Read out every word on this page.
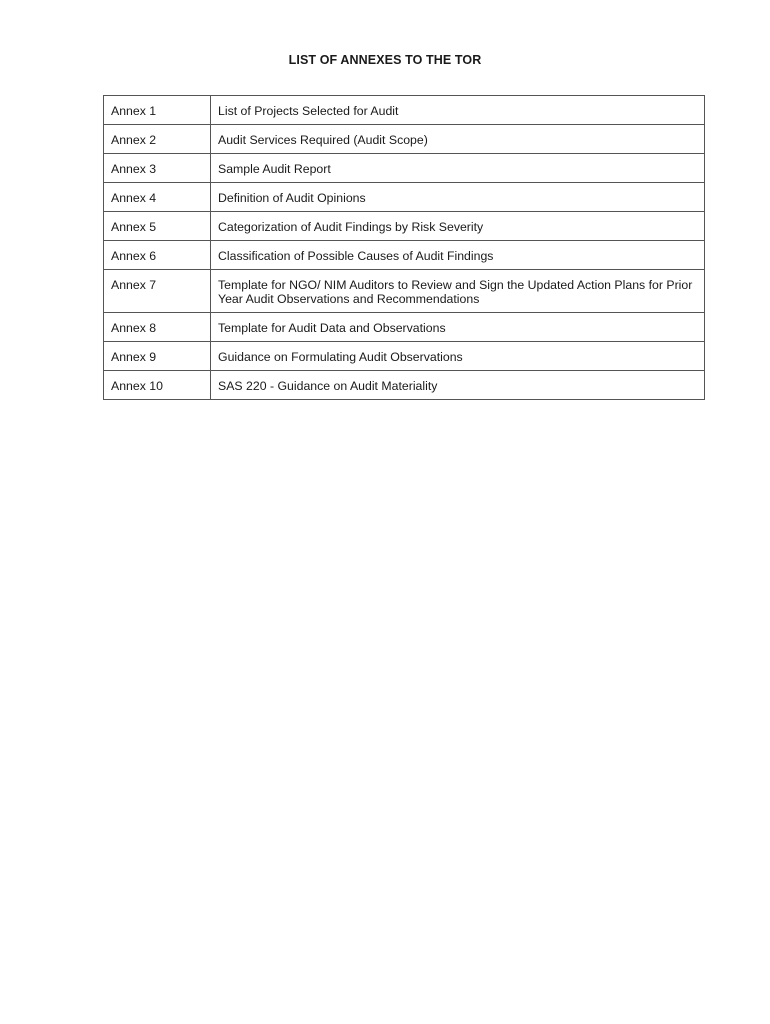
LIST OF ANNEXES TO THE TOR
Annex 1	List of Projects Selected for Audit
Annex 2	Audit Services Required (Audit Scope)
Annex 3	Sample Audit Report
Annex 4	Definition of Audit Opinions
Annex 5	Categorization of Audit Findings by Risk Severity
Annex 6	Classification of Possible Causes of Audit Findings
Annex 7	Template for NGO/ NIM Auditors to Review and Sign the Updated Action Plans for Prior Year Audit Observations and Recommendations
Annex 8	Template for Audit Data and Observations
Annex 9	Guidance on Formulating Audit Observations
Annex 10	SAS 220 - Guidance on Audit Materiality
